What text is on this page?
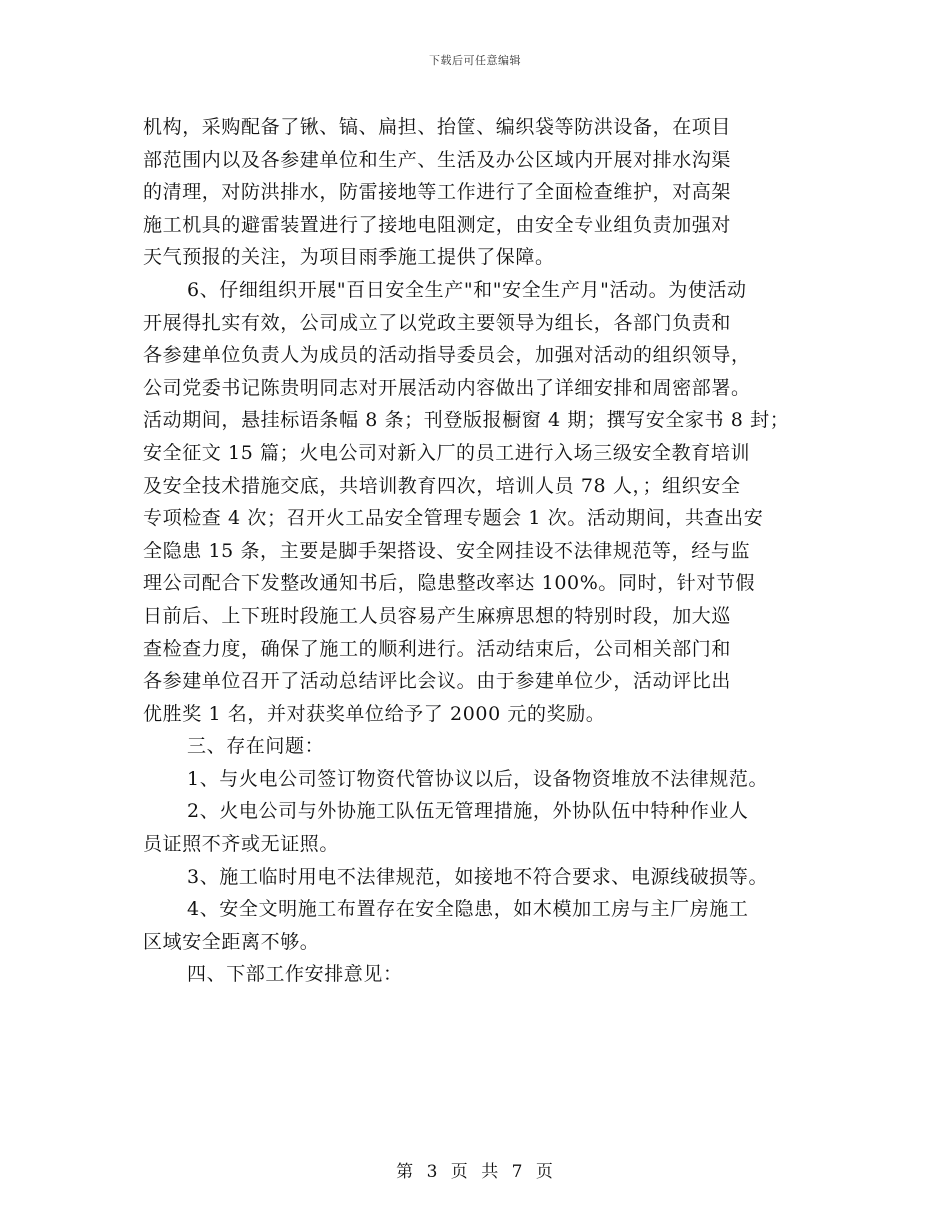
下载后可任意编辑
机构，采购配备了锹、镐、扁担、抬筐、编织袋等防洪设备，在项目
部范围内以及各参建单位和生产、生活及办公区域内开展对排水沟渠
的清理，对防洪排水，防雷接地等工作进行了全面检查维护，对高架
施工机具的避雷装置进行了接地电阻测定，由安全专业组负责加强对
天气预报的关注，为项目雨季施工提供了保障。
6、仔细组织开展"百日安全生产"和"安全生产月"活动。为使活动
开展得扎实有效，公司成立了以党政主要领导为组长，各部门负责和
各参建单位负责人为成员的活动指导委员会，加强对活动的组织领导，
公司党委书记陈贵明同志对开展活动内容做出了详细安排和周密部署。
活动期间，悬挂标语条幅 8 条；刊登版报橱窗 4 期；撰写安全家书 8 封；
安全征文 15 篇；火电公司对新入厂的员工进行入场三级安全教育培训
及安全技术措施交底，共培训教育四次，培训人员 78 人，；组织安全
专项检查 4 次；召开火工品安全管理专题会 1 次。活动期间，共查出安
全隐患 15 条，主要是脚手架搭设、安全网挂设不法律规范等，经与监
理公司配合下发整改通知书后，隐患整改率达 100%。同时，针对节假
日前后、上下班时段施工人员容易产生麻痹思想的特别时段，加大巡
查检查力度，确保了施工的顺利进行。活动结束后，公司相关部门和
各参建单位召开了活动总结评比会议。由于参建单位少，活动评比出
优胜奖 1 名，并对获奖单位给予了 2000 元的奖励。
三、存在问题：
1、与火电公司签订物资代管协议以后，设备物资堆放不法律规范。
2、火电公司与外协施工队伍无管理措施，外协队伍中特种作业人
员证照不齐或无证照。
3、施工临时用电不法律规范，如接地不符合要求、电源线破损等。
4、安全文明施工布置存在安全隐患，如木模加工房与主厂房施工
区域安全距离不够。
四、下部工作安排意见：
第 3 页 共 7 页
